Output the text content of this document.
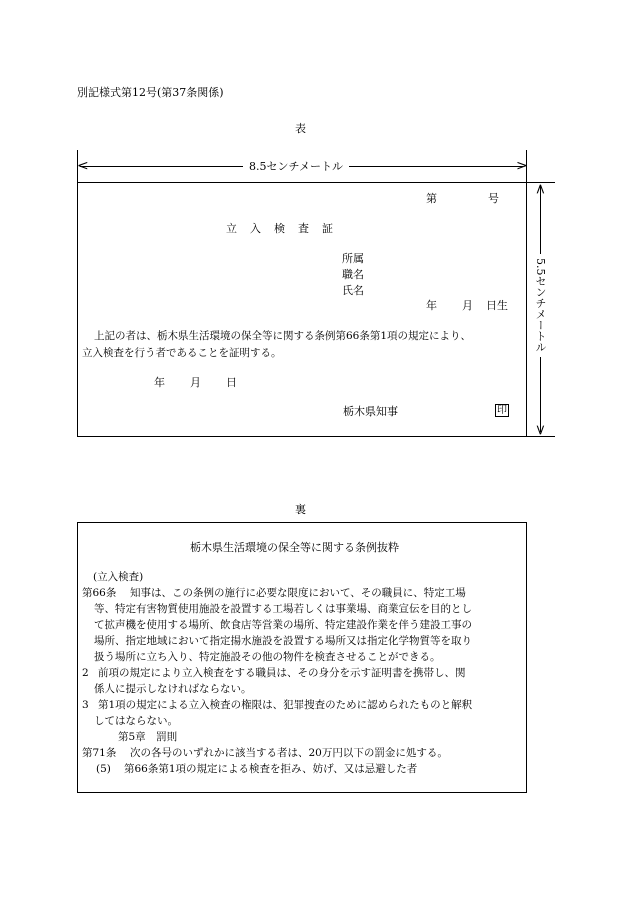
別記様式第12号(第37条関係)
表
<	>
8.5センチメートル
<
>
5.5センチメートル
第	号
立　入　検　査　証
所属
職名
氏名
年 月 日生
上記の者は、栃木県生活環境の保全等に関する条例第66条第1項の規定により、
立入検査を行う者であることを証明する。
年 月 日
栃木県知事	印
裏
栃木県生活環境の保全等に関する条例抜粋
(立入検査)
第66条 知事は、この条例の施行に必要な限度において、その職員に、特定工場
等、特定有害物質使用施設を設置する工場若しくは事業場、商業宣伝を目的とし
て拡声機を使用する場所、飲食店等営業の場所、特定建設作業を伴う建設工事の
場所、指定地域において指定揚水施設を設置する場所又は指定化学物質等を取り
扱う場所に立ち入り、特定施設その他の物件を検査させることができる。
2 前項の規定により立入検査をする職員は、その身分を示す証明書を携帯し、関
係人に提示しなければならない。
3 第1項の規定による立入検査の権限は、犯罪捜査のために認められたものと解釈
してはならない。
第5章　罰則
第71条 次の各号のいずれかに該当する者は、20万円以下の罰金に処する。
(5) 第66条第1項の規定による検査を拒み、妨げ、又は忌避した者
